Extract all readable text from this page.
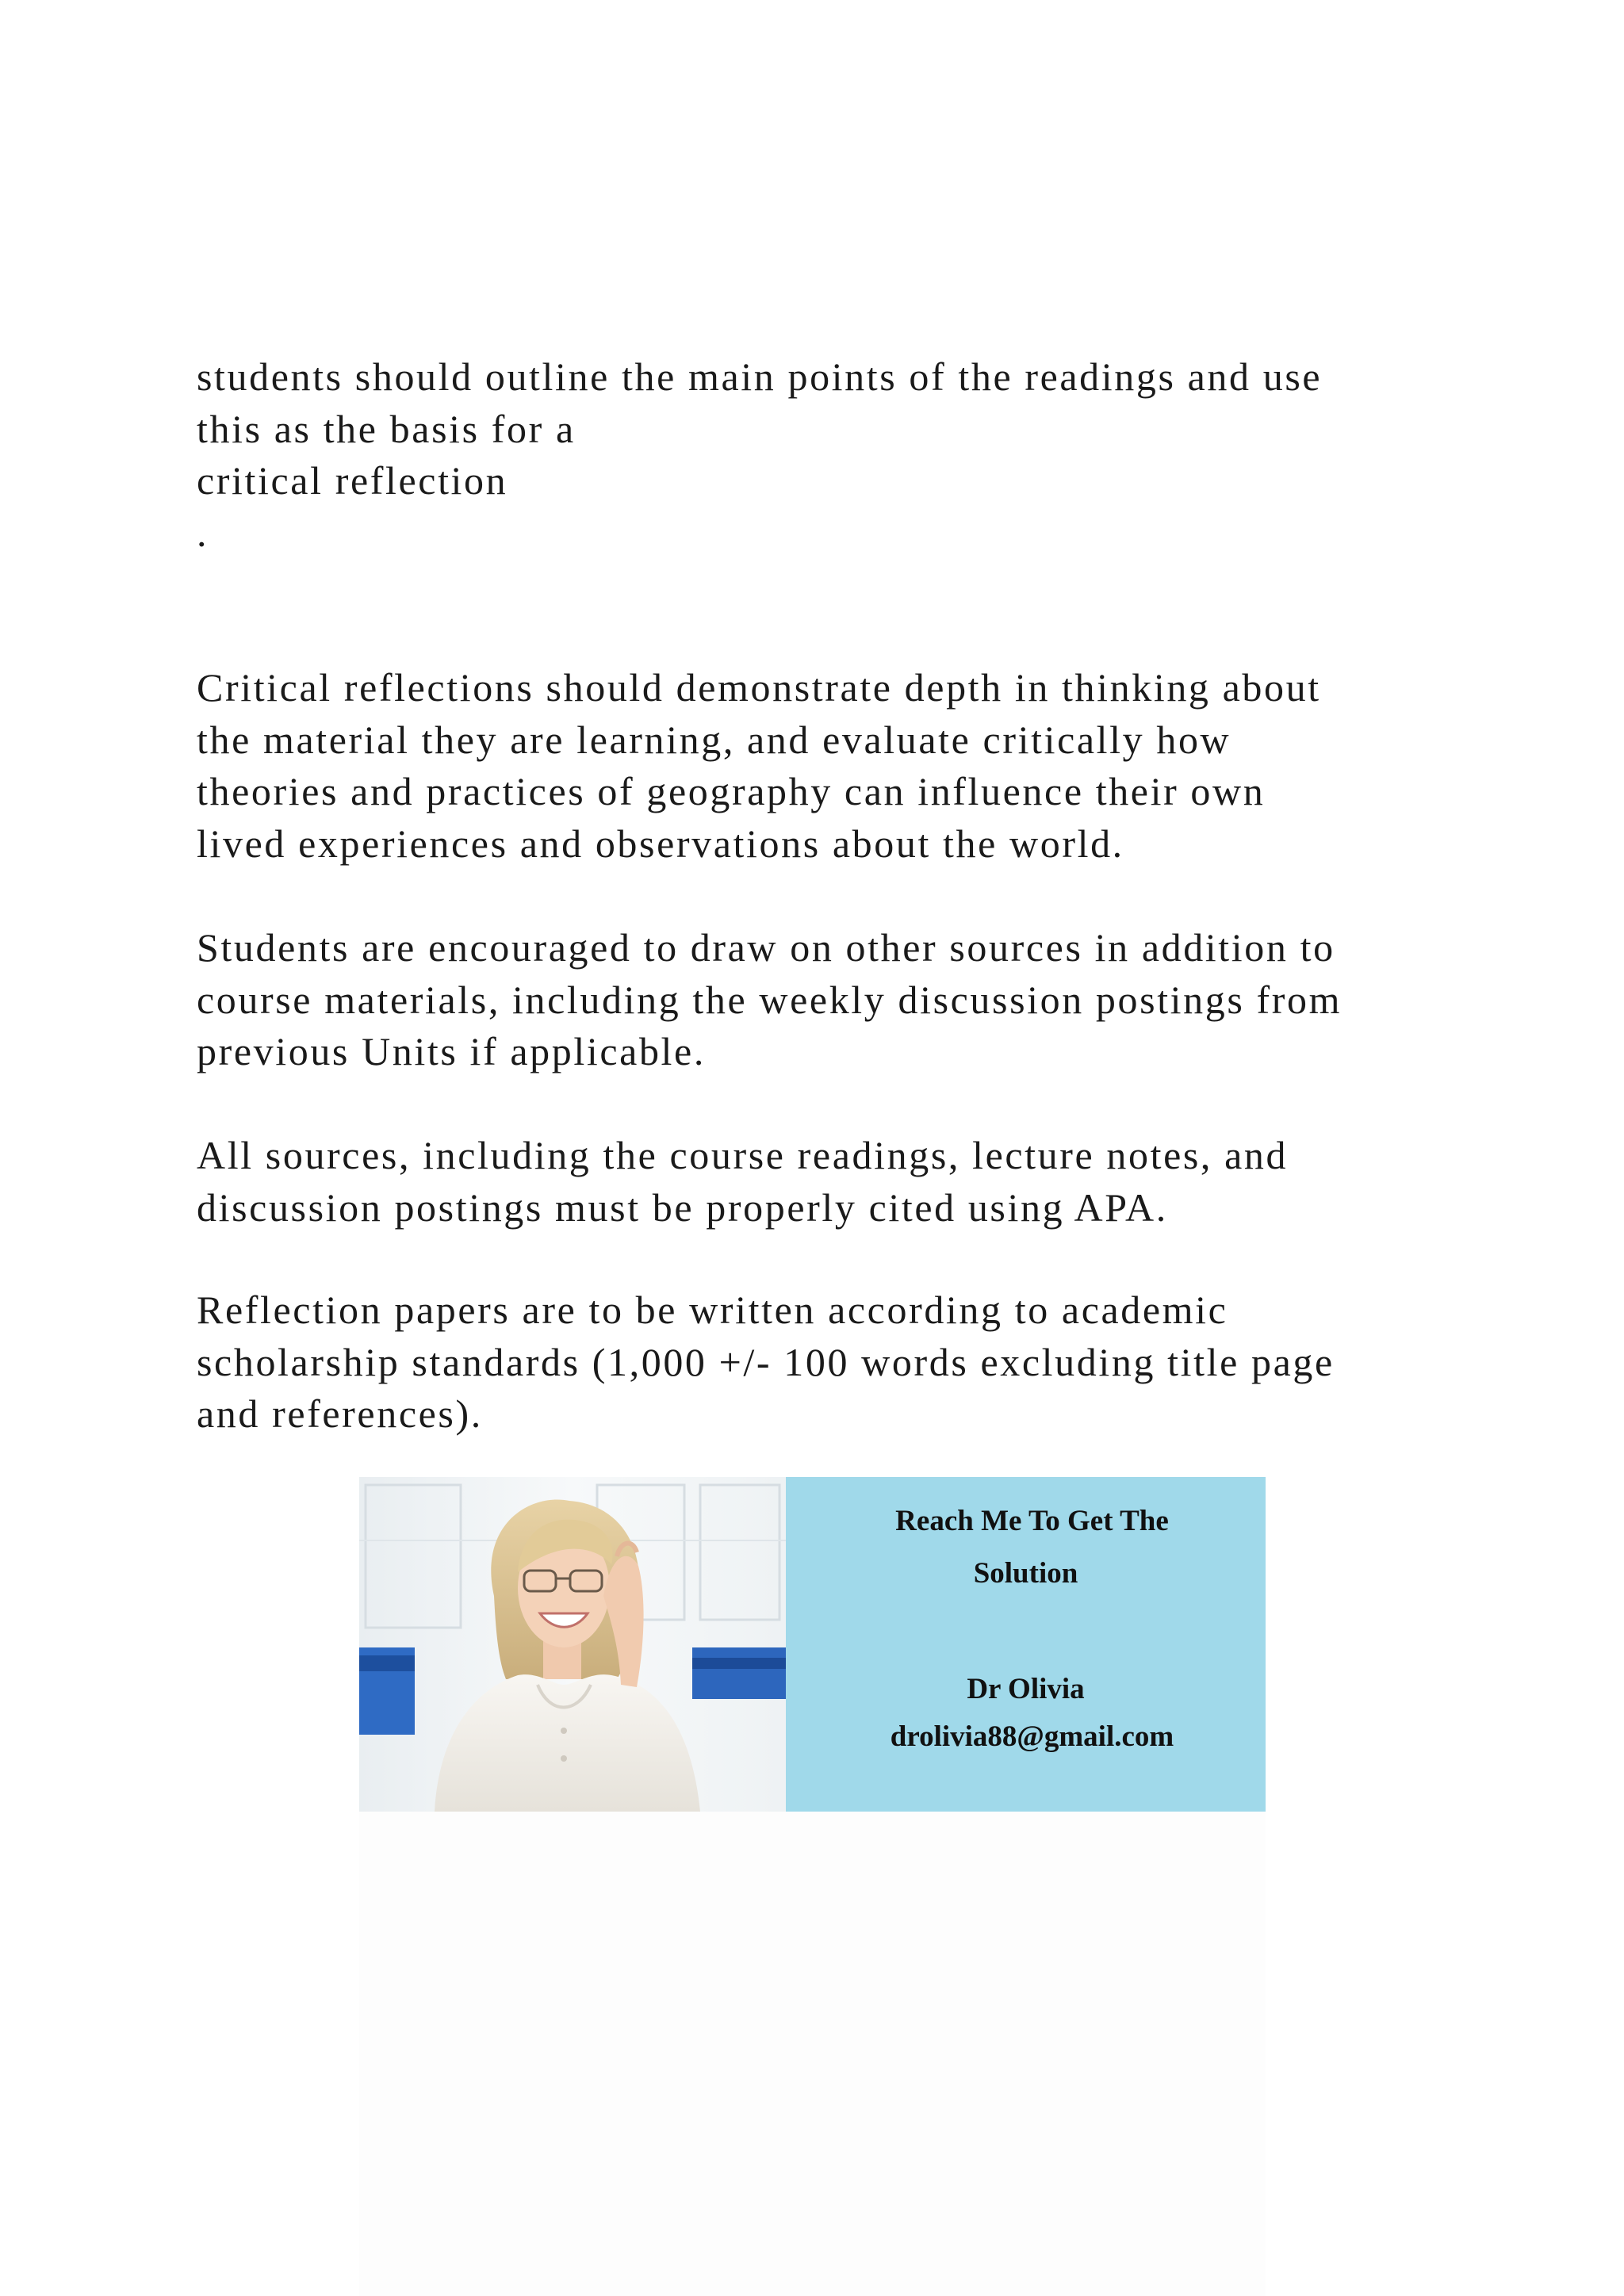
students should outline the main points of the readings and use
this as the basis for a
critical reflection
.

Critical reflections should demonstrate depth in thinking about
the material they are learning, and evaluate critically how
theories and practices of geography can influence their own
lived experiences and observations about the world.

Students are encouraged to draw on other sources in addition to
course materials, including the weekly discussion postings from
previous Units if applicable.

All sources, including the course readings, lecture notes, and
discussion postings must be properly cited using APA.

Reflection papers are to be written according to academic
scholarship standards (1,000 +/- 100 words excluding title page
and references).

Reach Me To Get The

Solution

Dr Olivia

drolivia88@gmail.com
